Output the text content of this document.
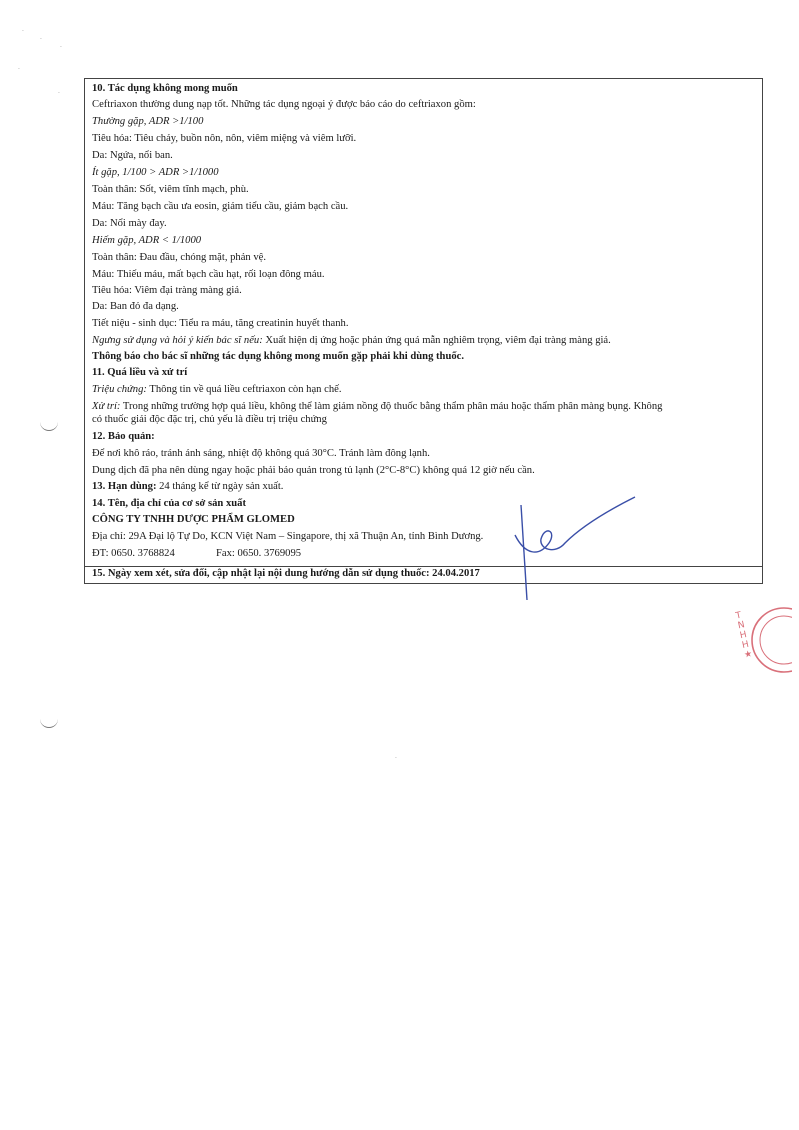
10. Tác dụng không mong muốn
Ceftriaxon thường dung nạp tốt. Những tác dụng ngoại ý được báo cáo do ceftriaxon gồm:
Thường gặp, ADR >1/100
Tiêu hóa: Tiêu chảy, buồn nôn, nôn, viêm miệng và viêm lưỡi.
Da: Ngứa, nổi ban.
Ít gặp, 1/100 > ADR >1/1000
Toàn thân: Sốt, viêm tĩnh mạch, phù.
Máu: Tăng bạch cầu ưa eosin, giảm tiểu cầu, giảm bạch cầu.
Da: Nổi mày đay.
Hiếm gặp, ADR < 1/1000
Toàn thân: Đau đầu, chóng mặt, phản vệ.
Máu: Thiếu máu, mất bạch cầu hạt, rối loạn đông máu.
Tiêu hóa: Viêm đại tràng màng giả.
Da: Ban đỏ đa dạng.
Tiết niệu - sinh dục: Tiểu ra máu, tăng creatinin huyết thanh.
Ngưng sử dụng và hỏi ý kiến bác sĩ nếu: Xuất hiện dị ứng hoặc phản ứng quá mẫn nghiêm trọng, viêm đại tràng màng giả.
Thông báo cho bác sĩ những tác dụng không mong muốn gặp phải khi dùng thuốc.
11. Quá liều và xử trí
Triệu chứng: Thông tin về quá liều ceftriaxon còn hạn chế.
Xử trí: Trong những trường hợp quá liều, không thể làm giảm nồng độ thuốc bằng thẩm phân máu hoặc thẩm phân màng bụng. Không
có thuốc giải độc đặc trị, chủ yếu là điều trị triệu chứng
12. Bảo quản:
Để nơi khô ráo, tránh ánh sáng, nhiệt độ không quá 30°C. Tránh làm đông lạnh.
Dung dịch đã pha nên dùng ngay hoặc phải bảo quản trong tủ lạnh (2°C-8°C) không quá 12 giờ nếu cần.
13. Hạn dùng: 24 tháng kể từ ngày sản xuất.
14. Tên, địa chỉ của cơ sở sản xuất
CÔNG TY TNHH DƯỢC PHẨM GLOMED
Địa chỉ: 29A Đại lộ Tự Do, KCN Việt Nam – Singapore, thị xã Thuận An, tỉnh Bình Dương.
ĐT: 0650. 3768824	Fax: 0650. 3769095
15. Ngày xem xét, sửa đổi, cập nhật lại nội dung hướng dẫn sử dụng thuốc: 24.04.2017
TNHH★
·
·
·
·
·
·
